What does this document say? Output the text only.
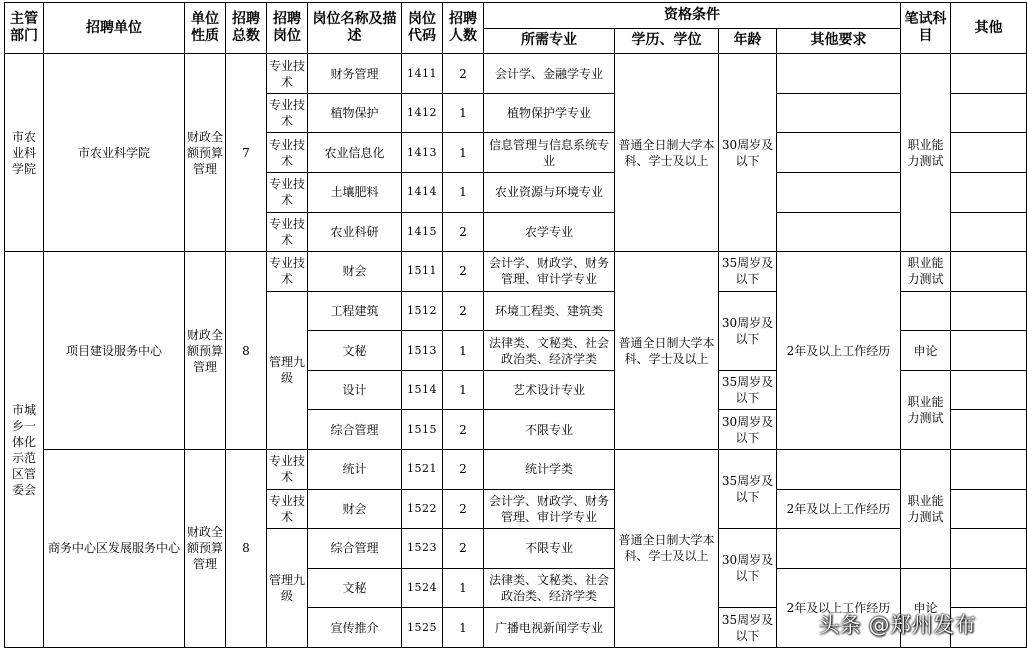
主管部门	招聘单位	单位性质	招聘总数	招聘岗位	岗位名称及描述	岗位代码	招聘人数	资格条件				笔试科目	其他
								所需专业	学历、学位	年龄	其他要求		
市农业科学院	市农业科学院	财政全额预算管理	7	专业技术	财务管理	1411	2	会计学、金融学专业	普通全日制大学本科、学士及以上	30周岁及以下		职业能力测试	
				专业技术	植物保护	1412	1	植物保护学专业					
				专业技术	农业信息化	1413	1	信息管理与信息系统专业					
				专业技术	土壤肥料	1414	1	农业资源与环境专业					
				专业技术	农业科研	1415	2	农学专业					
市城乡一体化示范区管委会	项目建设服务中心	财政全额预算管理	8	专业技术	财会	1511	2	会计学、财政学、财务管理、审计学专业	普通全日制大学本科、学士及以上	35周岁及以下	2年及以上工作经历	职业能力测试	
				管理九级	工程建筑	1512	2	环境工程类、建筑类		30周岁及以下			
					文秘	1513	1	法律类、文秘类、社会政治类、经济学类				申论	
					设计	1514	1	艺术设计专业		35周岁及以下		职业能力测试	
					综合管理	1515	2	不限专业		30周岁及以下			
	商务中心区发展服务中心	财政全额预算管理	8	专业技术	统计	1521	2	统计学类	普通全日制大学本科、学士及以上	35周岁及以下		职业能力测试	
				专业技术	财会	1522	2	会计学、财政学、财务管理、审计学专业			2年及以上工作经历		
				管理九级	综合管理	1523	2	不限专业		30周岁及以下			
					文秘	1524	1	法律类、文秘类、社会政治类、经济学类			2年及以上工作经历	申论	
					宣传推介	1525	1	广播电视新闻学专业		35周岁及以下				头条 @郑州发布
